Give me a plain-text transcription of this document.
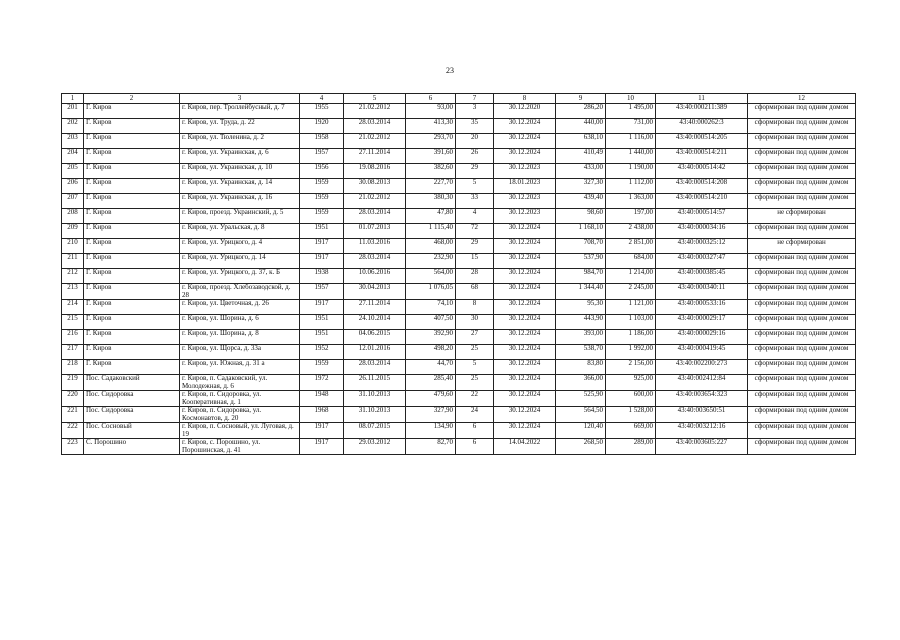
23
1	2	3	4	5	6	7	8	9	10	11	12
201	Г. Киров	г. Киров, пер. Троллейбусный, д. 7	1955	21.02.2012	93,00	3	30.12.2020	286,20	1 495,00	43:40:000211:389	сформирован под одним домом
202	Г. Киров	г. Киров, ул. Труда, д. 22	1920	28.03.2014	413,30	35	30.12.2024	440,00	731,00	43:40:000262:3	сформирован под одним домом
203	Г. Киров	г. Киров, ул. Тюленина, д. 2	1958	21.02.2012	293,70	20	30.12.2024	638,10	1 116,00	43:40:000514:205	сформирован под одним домом
204	Г. Киров	г. Киров, ул. Украинская, д. 6	1957	27.11.2014	391,60	26	30.12.2024	410,49	1 440,00	43:40:000514:211	сформирован под одним домом
205	Г. Киров	г. Киров, ул. Украинская, д. 10	1956	19.08.2016	382,60	29	30.12.2023	433,00	1 190,00	43:40:000514:42	сформирован под одним домом
206	Г. Киров	г. Киров, ул. Украинская, д. 14	1959	30.08.2013	227,70	5	18.01.2023	327,30	1 112,00	43:40:000514:208	сформирован под одним домом
207	Г. Киров	г. Киров, ул. Украинская, д. 16	1959	21.02.2012	380,30	33	30.12.2023	439,40	1 363,00	43:40:000514:210	сформирован под одним домом
208	Г. Киров	г. Киров, проезд. Украинский, д. 5	1959	28.03.2014	47,80	4	30.12.2023	98,60	197,00	43:40:000514:57	не сформирован
209	Г. Киров	г. Киров, ул. Уральская, д. 8	1951	01.07.2013	1 115,40	72	30.12.2024	1 168,10	2 438,00	43:40:000034:16	сформирован под одним домом
210	Г. Киров	г. Киров, ул. Урицкого, д. 4	1917	11.03.2016	468,00	29	30.12.2024	708,70	2 851,00	43:40:000325:12	не сформирован
211	Г. Киров	г. Киров, ул. Урицкого, д. 14	1917	28.03.2014	232,90	15	30.12.2024	537,90	684,00	43:40:000327:47	сформирован под одним домом
212	Г. Киров	г. Киров, ул. Урицкого, д. 37, к. Б	1938	10.06.2016	564,00	28	30.12.2024	984,70	1 214,00	43:40:000385:45	сформирован под одним домом
213	Г. Киров	г. Киров, проезд. Хлебозаводской, д. 28	1957	30.04.2013	1 076,05	68	30.12.2024	1 344,40	2 245,00	43:40:000340:11	сформирован под одним домом
214	Г. Киров	г. Киров, ул. Цветочная, д. 26	1917	27.11.2014	74,10	8	30.12.2024	95,30	1 121,00	43:40:000533:16	сформирован под одним домом
215	Г. Киров	г. Киров, ул. Шорина, д. 6	1951	24.10.2014	407,50	30	30.12.2024	443,90	1 103,00	43:40:000029:17	сформирован под одним домом
216	Г. Киров	г. Киров, ул. Шорина, д. 8	1951	04.06.2015	392,90	27	30.12.2024	393,00	1 186,00	43:40:000029:16	сформирован под одним домом
217	Г. Киров	г. Киров, ул. Щорса, д. 33а	1952	12.01.2016	498,20	25	30.12.2024	538,70	1 992,00	43:40:000419:45	сформирован под одним домом
218	Г. Киров	г. Киров, ул. Южная, д. 31 а	1959	28.03.2014	44,70	5	30.12.2024	83,80	2 156,00	43:40:002200:273	сформирован под одним домом
219	Пос. Садаковский	г. Киров, п. Садаковский, ул. Молодежная, д. 6	1972	26.11.2015	285,40	25	30.12.2024	366,00	925,00	43:40:002412:84	сформирован под одним домом
220	Пос. Сидоровка	г. Киров, п. Сидоровка, ул. Кооперативная, д. 1	1948	31.10.2013	479,60	22	30.12.2024	525,90	600,00	43:40:003654:323	сформирован под одним домом
221	Пос. Сидоровка	г. Киров, п. Сидоровка, ул. Космонавтов, д. 20	1968	31.10.2013	327,90	24	30.12.2024	564,50	1 528,00	43:40:003650:51	сформирован под одним домом
222	Пос. Сосновый	г. Киров, п. Сосновый, ул. Луговая, д. 19	1917	08.07.2015	134,90	6	30.12.2024	120,40	669,00	43:40:003212:16	сформирован под одним домом
223	С. Порошино	г. Киров, с. Порошино, ул. Порошинская, д. 41	1917	29.03.2012	82,70	6	14.04.2022	268,50	289,00	43:40:003605:227	сформирован под одним домом
